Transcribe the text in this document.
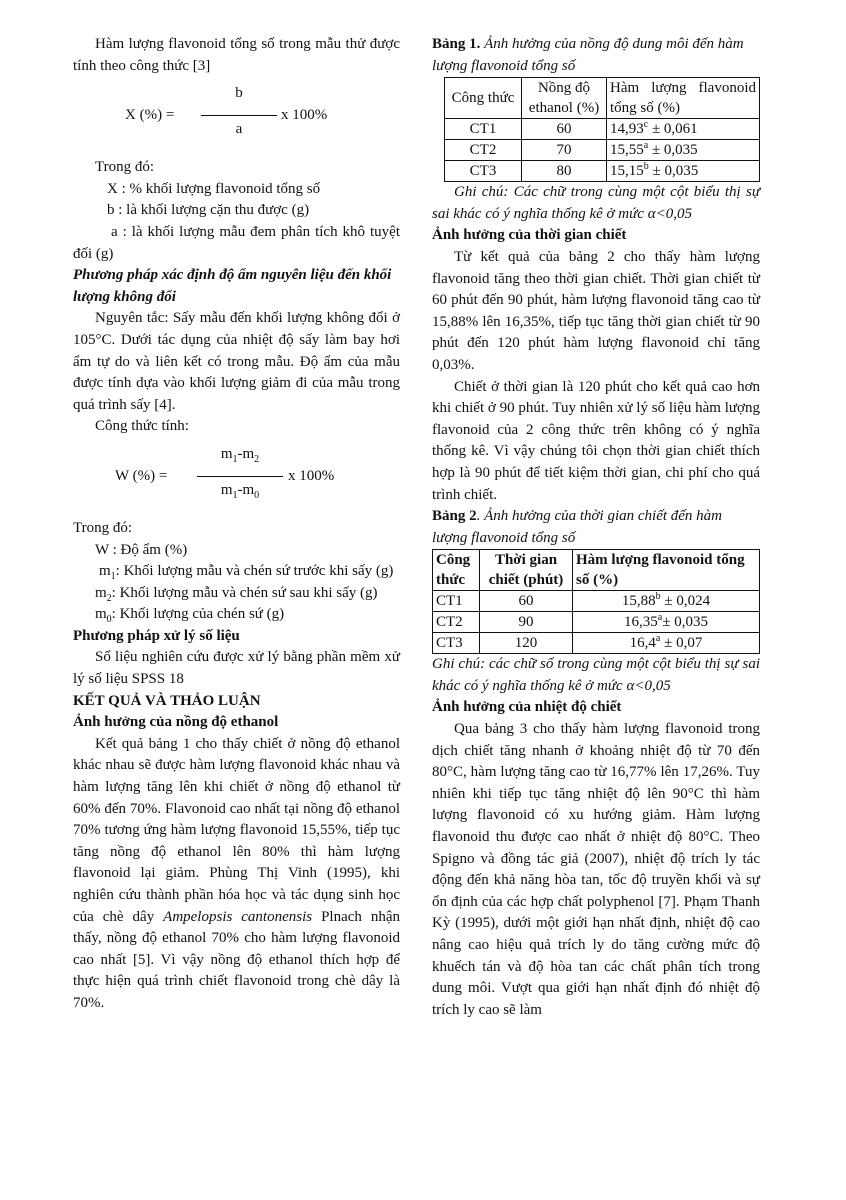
Hàm lượng flavonoid tổng số trong mẫu thử được tính theo công thức [3]

X (%) =
b
a
x 100%

Trong đó:

X : % khối lượng flavonoid tổng số

b : là khối lượng cặn thu được (g)

a : là khối lượng mẫu đem phân tích khô tuyệt đối (g)

Phương pháp xác định độ ẩm nguyên liệu đến khối lượng không đổi

Nguyên tắc: Sấy mẫu đến khối lượng không đổi ở 105°C. Dưới tác dụng của nhiệt độ sấy làm bay hơi ẩm tự do và liên kết có trong mẫu. Độ ẩm của mẫu được tính dựa vào khối lượng giảm đi của mẫu trong quá trình sấy [4].

Công thức tính:

W (%) =
$m_1-m_2$
$m_1-m_0$
x 100%

Trong đó:

W : Độ ẩm (%)

$m_1$: Khối lượng mẫu và chén sứ trước khi sấy (g)

$m_2$: Khối lượng mẫu và chén sứ sau khi sấy (g)

$m_0$: Khối lượng của chén sứ (g)

Phương pháp xử lý số liệu

Số liệu nghiên cứu được xử lý bằng phần mềm xử lý số liệu SPSS 18

KẾT QUẢ VÀ THẢO LUẬN

Ảnh hưởng của nồng độ ethanol

Kết quả bảng 1 cho thấy chiết ở nồng độ ethanol khác nhau sẽ được hàm lượng flavonoid khác nhau và hàm lượng tăng lên khi chiết ở nồng độ ethanol từ 60% đến 70%. Flavonoid cao nhất tại nồng độ ethanol 70% tương ứng hàm lượng flavonoid 15,55%, tiếp tục tăng nồng độ ethanol lên 80% thì hàm lượng flavonoid lại giảm. Phùng Thị Vinh (1995), khi nghiên cứu thành phần hóa học và tác dụng sinh học của chè dây Ampelopsis cantonensis Plnach nhận thấy, nồng độ ethanol 70% cho hàm lượng flavonoid cao nhất [5]. Vì vậy nồng độ ethanol thích hợp để thực hiện quá trình chiết flavonoid trong chè dây là 70%.

Bảng 1. Ảnh hưởng của nồng độ dung môi đến hàm lượng flavonoid tổng số

Công thức	Nồng độ ethanol (%)	Hàm lượng flavonoid tổng số (%)
CT1	60	14,93$^c$ ± 0,061
CT2	70	15,55$^a$ ± 0,035
CT3	80	15,15$^b$ ± 0,035

Ghi chú: Các chữ trong cùng một cột biểu thị sự sai khác có ý nghĩa thống kê ở mức α<0,05

Ảnh hưởng của thời gian chiết

Từ kết quả của bảng 2 cho thấy hàm lượng flavonoid tăng theo thời gian chiết. Thời gian chiết từ 60 phút đến 90 phút, hàm lượng flavonoid tăng cao từ 15,88% lên 16,35%, tiếp tục tăng thời gian chiết từ 90 phút đến 120 phút hàm lượng flavonoid chỉ tăng 0,03%.

Chiết ở thời gian là 120 phút cho kết quả cao hơn khi chiết ở 90 phút. Tuy nhiên xử lý số liệu hàm lượng flavonoid của 2 công thức trên không có ý nghĩa thống kê. Vì vậy chúng tôi chọn thời gian chiết thích hợp là 90 phút để tiết kiệm thời gian, chi phí cho quá trình chiết.

Bảng 2. Ảnh hưởng của thời gian chiết đến hàm lượng flavonoid tổng số

Công thức	Thời gian chiết (phút)	Hàm lượng flavonoid tổng số (%)
CT1	60	15,88$^b$ ± 0,024
CT2	90	16,35$^a$± 0,035
CT3	120	16,4$^a$ ± 0,07

Ghi chú: các chữ số trong cùng một cột biểu thị sự sai khác có ý nghĩa thống kê ở mức α<0,05

Ảnh hưởng của nhiệt độ chiết

Qua bảng 3 cho thấy hàm lượng flavonoid trong dịch chiết tăng nhanh ở khoảng nhiệt độ từ 70 đến 80°C, hàm lượng tăng cao từ 16,77% lên 17,26%. Tuy nhiên khi tiếp tục tăng nhiệt độ lên 90°C thì hàm lượng flavonoid có xu hướng giảm. Hàm lượng flavonoid thu được cao nhất ở nhiệt độ 80°C. Theo Spigno và đồng tác giả (2007), nhiệt độ trích ly tác động đến khả năng hòa tan, tốc độ truyền khối và sự ổn định của các hợp chất polyphenol [7]. Phạm Thanh Kỳ (1995), dưới một giới hạn nhất định, nhiệt độ cao nâng cao hiệu quả trích ly do tăng cường mức độ khuếch tán và độ hòa tan các chất phân tích trong dung môi. Vượt qua giới hạn nhất định đó nhiệt độ trích ly cao sẽ làm
